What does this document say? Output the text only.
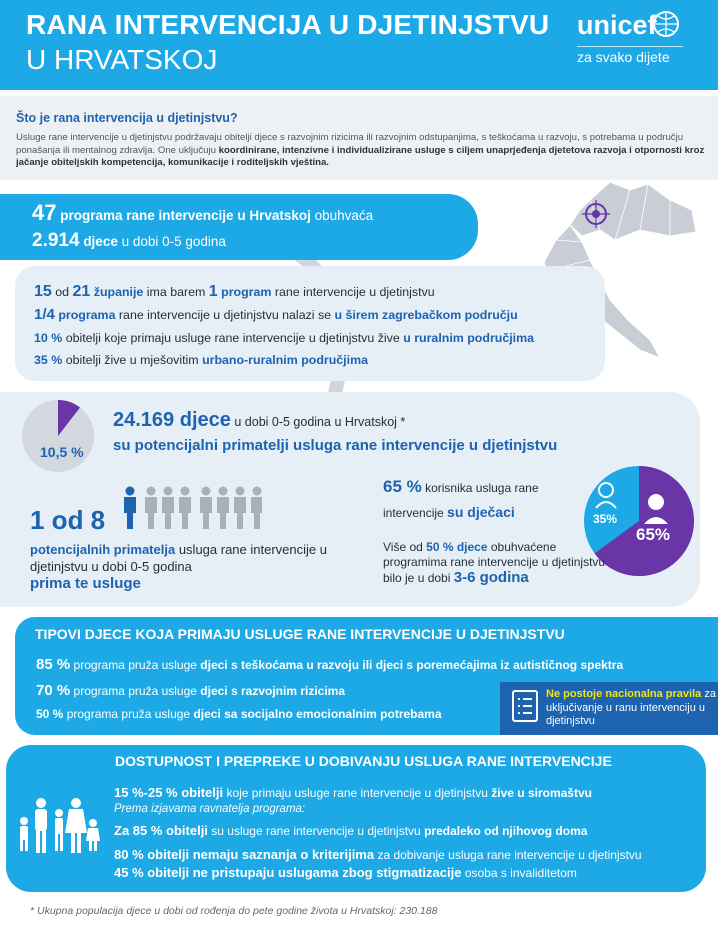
RANA INTERVENCIJA U DJETINJSTVU
U HRVATSKOJ
unicef
za svako dijete
Što je rana intervencija u djetinjstvu?
Usluge rane intervencije u djetinjstvu podržavaju obitelji djece s razvojnim rizicima ili razvojnim odstupanjima, s teškoćama u razvoju, s potrebama u području ponašanja ili mentalnog zdravlja. One uključuju koordinirane, intenzivne i individualizirane usluge s ciljem unaprjeđenja djetetova razvoja i otpornosti kroz jačanje obiteljskih kompetencija, komunikacije i roditeljskih vještina.
47 programa rane intervencije u Hrvatskoj obuhvaća
2.914 djece u dobi 0-5 godina
15 od 21 županije ima barem 1 program rane intervencije u djetinjstvu
1/4 programa rane intervencije u djetinjstvu nalazi se u širem zagrebačkom području
10 % obitelji koje primaju usluge rane intervencije u djetinjstvu žive u ruralnim područjima
35 % obitelji žive u mješovitim urbano-ruralnim područjima
10,5 %
24.169 djece u dobi 0-5 godina u Hrvatskoj *
su potencijalni primatelji usluga rane intervencije u djetinjstvu
1 od 8
potencijalnih primatelja usluga rane intervencije u djetinjstvu u dobi 0-5 godina
prima te usluge
65 % korisnika usluga rane intervencije su dječaci	35%
65%
Više od 50 % djece obuhvaćene programima rane intervencije u djetinjstvu bilo je u dobi 3-6 godina
TIPOVI DJECE KOJA PRIMAJU USLUGE RANE INTERVENCIJE U DJETINJSTVU
85 % programa pruža usluge djeci s teškoćama u razvoju ili djeci s poremećajima iz autističnog spektra
70 % programa pruža usluge djeci s razvojnim rizicima
50 % programa pruža usluge djeci sa socijalno emocionalnim potrebama
Ne postoje nacionalna pravila za uključivanje u ranu intervenciju u djetinjstvu
DOSTUPNOST I PREPREKE U DOBIVANJU USLUGA RANE INTERVENCIJE
15 %-25 % obitelji koje primaju usluge rane intervencije u djetinjstvu žive u siromaštvu
Prema izjavama ravnatelja programa:
Za 85 % obitelji su usluge rane intervencije u djetinjstvu predaleko od njihovog doma
80 % obitelji nemaju saznanja o kriterijima za dobivanje usluga rane intervencije u djetinjstvu
45 % obitelji ne pristupaju uslugama zbog stigmatizacije osoba s invaliditetom
* Ukupna populacija djece u dobi od rođenja do pete godine života u Hrvatskoj: 230.188
